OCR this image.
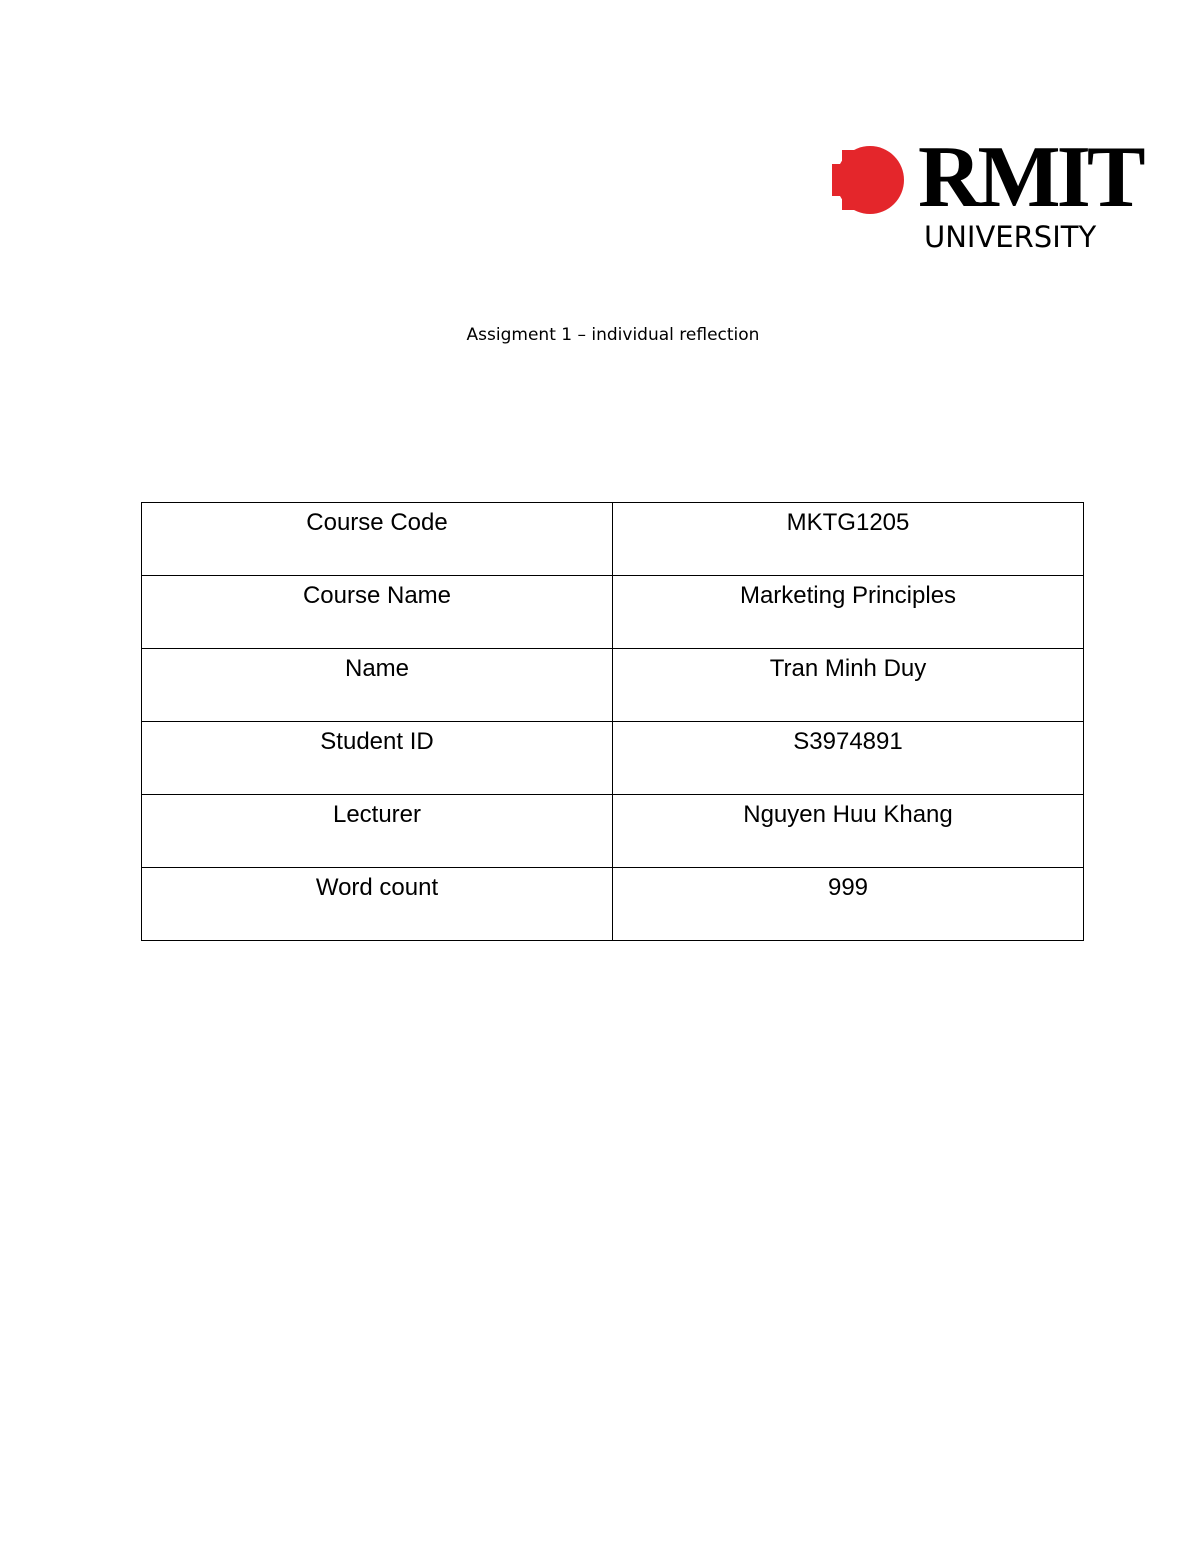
RMIT
UNIVERSITY
Assigment 1 – individual reflection
Course Code	MKTG1205
Course Name	Marketing Principles
Name	Tran Minh Duy
Student ID	S3974891
Lecturer	Nguyen Huu Khang
Word count	999
